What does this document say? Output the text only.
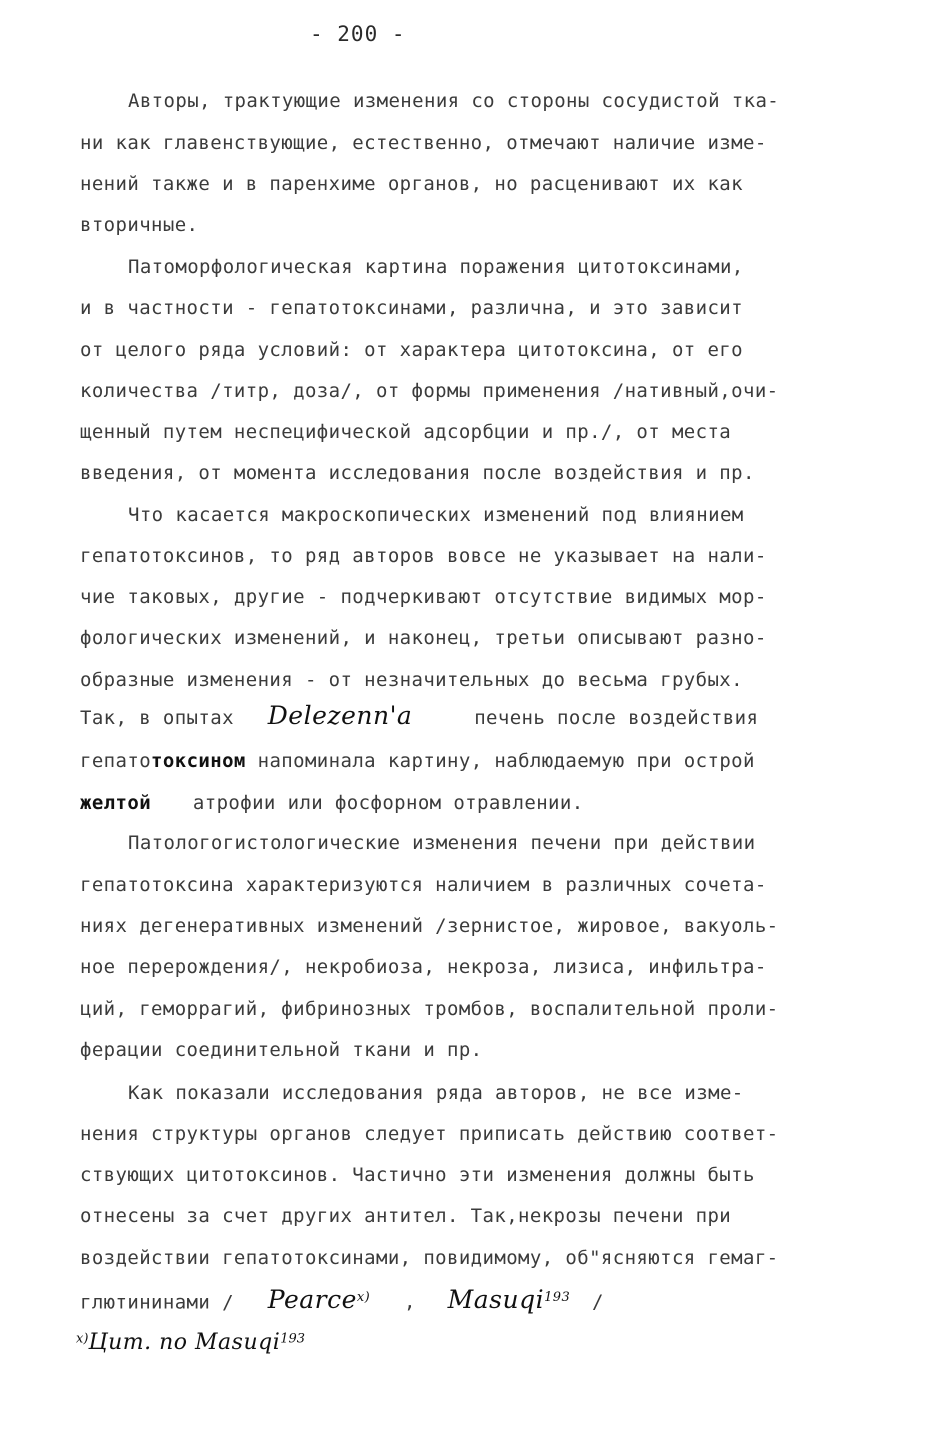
- 200 -
Авторы, трактующие изменения со стороны сосудистой тка-
ни как главенствующие, естественно, отмечают наличие изме-
нений также и в паренхиме органов, но расценивают их как
вторичные.
Патоморфологическая картина поражения цитотоксинами,
и в частности - гепатотоксинами, различна, и это зависит
от целого ряда условий: от характера цитотоксина, от его
количества /титр, доза/, от формы применения /нативный,очи-
щенный путем неспецифической адсорбции и пр./, от места
введения, от момента исследования после воздействия и пр.
Что касается макроскопических изменений под влиянием
гепатотоксинов, то ряд авторов вовсе не указывает на нали-
чие таковых, другие - подчеркивают отсутствие видимых мор-
фологических изменений, и наконец, третьи описывают разно-
образные изменения - от незначительных до весьма грубых.
Так, в опытах Delezenn'a	печень после воздействия
гепатотоксином напоминала картину, наблюдаемую при острой
желтой атрофии или фосфорном отравлении.
Патологогистологические изменения печени при действии
гепатотоксина характеризуются наличием в различных сочета-
ниях дегенеративных изменений /зернистое, жировое, вакуоль-
ное перерождения/, некробиоза, некроза, лизиса, инфильтра-
ций, геморрагий, фибринозных тромбов, воспалительной проли-
ферации соединительной ткани и пр.
Как показали исследования ряда авторов, не все изме-
нения структуры органов следует приписать действию соответ-
ствующих цитотоксинов. Частично эти изменения должны быть
отнесены за счет других антител. Так,некрозы печени при
воздействии гепатотоксинами, повидимому, об"ясняются гемаг-
глютининами / Pearce$^{x)}$ , Masuqi$^{193}$ /
$^{x)}$Цит. по Masuqi$^{193}$
